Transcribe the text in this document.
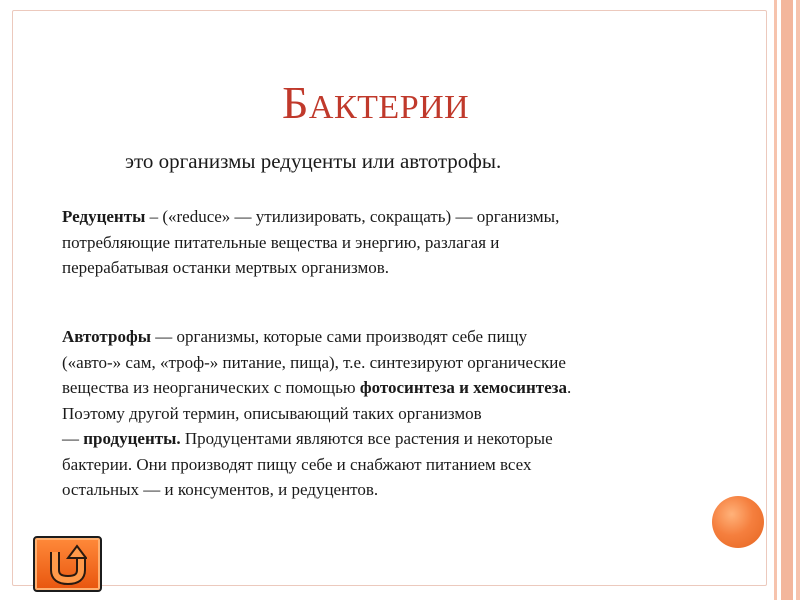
БАКТЕРИИ

это организмы редуценты или автотрофы.

Редуценты – («reduce» — утилизировать, сокращать) — организмы,
потребляющие питательные вещества и энергию, разлагая и
перерабатывая останки мертвых организмов.

Автотрофы — организмы, которые сами производят себе пищу
(«авто-» сам, «троф-» питание, пища), т.е. синтезируют органические
вещества из неорганических с помощью фотосинтеза и хемосинтеза.
Поэтому другой термин, описывающий таких организмов
— продуценты. Продуцентами являются все растения и некоторые
бактерии. Они производят пищу себе и снабжают питанием всех
остальных — и консументов, и редуцентов.
